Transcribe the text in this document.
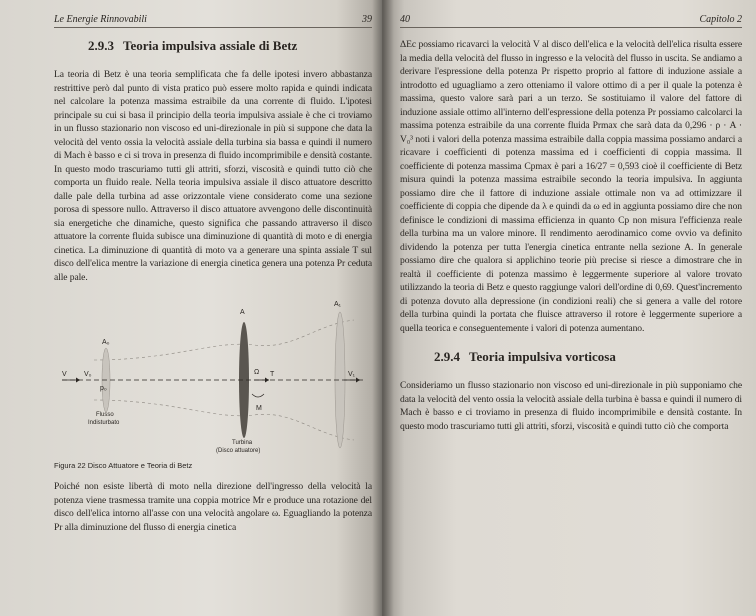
Le Energie Rinnovabili	39
2.9.3 Teoria impulsiva assiale di Betz

La teoria di Betz è una teoria semplificata che fa delle ipotesi invero abbastanza restrittive però dal punto di vista pratico può essere molto rapida e quindi indicata nel calcolare la potenza massima estraibile da una corrente di fluido. L'ipotesi principale su cui si basa il principio della teoria impulsiva assiale è che ci troviamo in un flusso stazionario non viscoso ed uni-direzionale in più si suppone che data la velocità del vento ossia la velocità assiale della turbina sia bassa e quindi il numero di Mach è basso e ci si trova in presenza di fluido incomprimibile e densità costante. In questo modo trascuriamo tutti gli attriti, sforzi, viscosità e quindi tutto ciò che comporta un fluido reale. Nella teoria impulsiva assiale il disco attuatore descritto dalle pale della turbina ad asse orizzontale viene considerato come una sezione porosa di spessore nullo. Attraverso il disco attuatore avvengono delle discontinuità sia energetiche che dinamiche, questo significa che passando attraverso il disco attuatore la corrente fluida subisce una diminuzione di quantità di moto e di energia cinetica. La diminuzione di quantità di moto va a generare una spinta assiale T sul disco dell'elica mentre la variazione di energia cinetica genera una potenza Pr ceduta alle pale.

A₀
A
A₁
V V₀
p₀
Ω T
M
V₁
Flusso
Indisturbato
Turbina
(Disco attuatore)
Figura 22 Disco Attuatore e Teoria di Betz

Poiché non esiste libertà di moto nella direzione dell'ingresso della velocità la potenza viene trasmessa tramite una coppia motrice Mr e produce una rotazione del disco dell'elica intorno all'asse con una velocità angolare ω. Eguagliando la potenza Pr alla diminuzione del flusso di energia cinetica

40	Capitolo 2

ΔEc possiamo ricavarci la velocità V al disco dell'elica e la velocità dell'elica risulta essere la media della velocità del flusso in ingresso e la velocità del flusso in uscita. Se andiamo a derivare l'espressione della potenza Pr rispetto proprio al fattore di induzione assiale a introdotto ed uguagliamo a zero otteniamo il valore ottimo di a per il quale la potenza è massima, questo valore sarà pari a un terzo. Se sostituiamo il valore del fattore di induzione assiale ottimo all'interno dell'espressione della potenza Pr possiamo calcolarci la massima potenza estraibile da una corrente fluida Prmax che sarà data da 0,296 · ρ · A · V₀³ noti i valori della potenza massima estraibile dalla coppia massima possiamo andarci a ricavare i coefficienti di potenza massima ed i coefficienti di coppia massima. Il coefficiente di potenza massima Cpmax è pari a 16/27 = 0,593 cioè il coefficiente di Betz misura quindi la potenza massima estraibile secondo la teoria impulsiva. In aggiunta possiamo dire che il fattore di induzione assiale ottimale non va ad ottimizzare il coefficiente di coppia che dipende da λ e quindi da ω ed in aggiunta possiamo dire che non definisce le condizioni di massima efficienza in quanto Cp non misura l'efficienza reale della turbina ma un valore minore. Il rendimento aerodinamico come ovvio va definito dividendo la potenza per tutta l'energia cinetica entrante nella sezione A. In generale possiamo dire che qualora si applichino teorie più precise si riesce a dimostrare che in realtà il coefficiente di potenza massimo è leggermente superiore al valore trovato utilizzando la teoria di Betz e questo raggiunge valori dell'ordine di 0,69. Quest'incremento di potenza dovuto alla depressione (in condizioni reali) che si genera a valle del rotore della turbina quindi la portata che fluisce attraverso il rotore è leggermente superiore a quella teorica e conseguentemente i valori di potenza aumentano.

2.9.4 Teoria impulsiva vorticosa

Consideriamo un flusso stazionario non viscoso ed uni-direzionale in più supponiamo che data la velocità del vento ossia la velocità assiale della turbina è bassa e quindi il numero di Mach è basso e ci troviamo in presenza di fluido incomprimibile e densità costante. In questo modo trascuriamo tutti gli attriti, sforzi, viscosità e quindi tutto ciò che comporta
